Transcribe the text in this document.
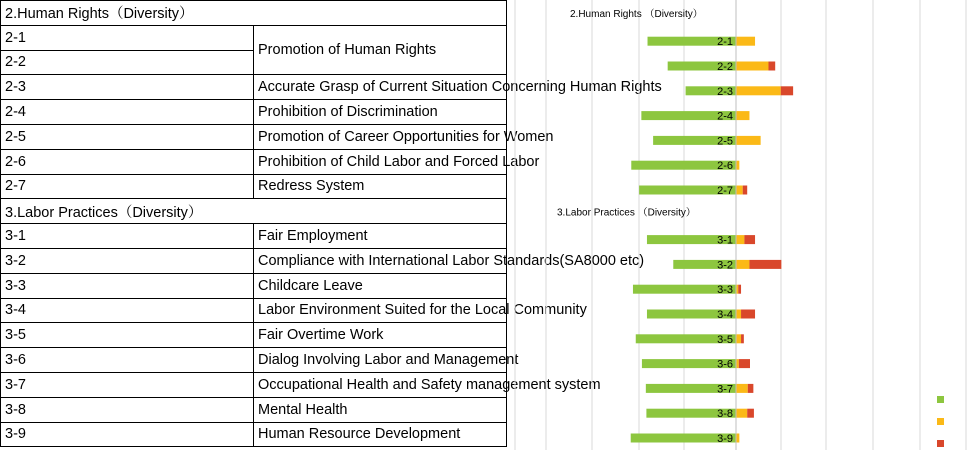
2.Human Rights（Diversity）	
2-1	Promotion of Human Rights
2-2	
2-3	Accurate Grasp of Current Situation Concerning Human Rights
2-4	Prohibition of Discrimination
2-5	Promotion of Career Opportunities for Women
2-6	Prohibition of Child Labor and Forced Labor
2-7	Redress System
3.Labor Practices（Diversity）	
3-1	Fair Employment
3-2	Compliance with International Labor Standards(SA8000 etc)
3-3	Childcare Leave
3-4	Labor Environment Suited for the Local Community
3-5	Fair Overtime Work
3-6	Dialog Involving Labor and Management
3-7	Occupational Health and Safety management system
3-8	Mental Health
3-9	Human Resource Development
2.Human Rights （Diversity）
2-1
2-2
2-3
2-4
2-5
2-6
2-7
3.Labor Practices （Diversity）
3-1
3-2
3-3
3-4
3-5
3-6
3-7
3-8
3-9
